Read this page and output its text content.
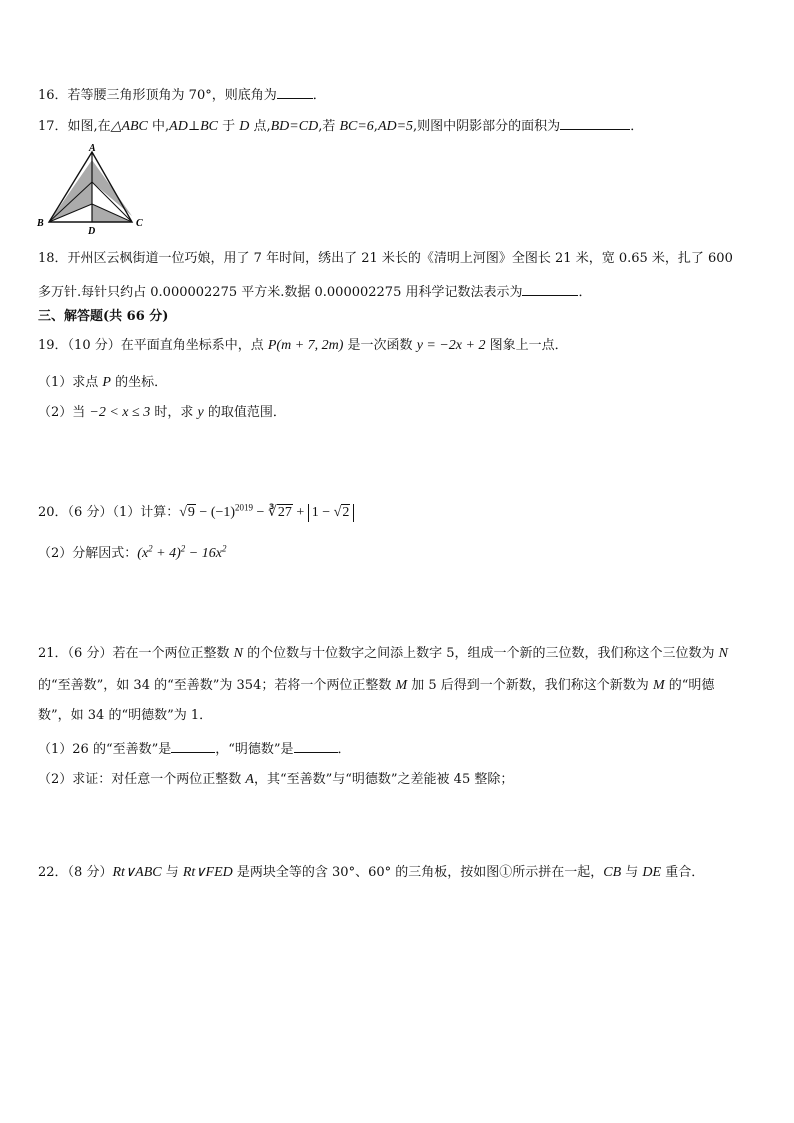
16．若等腰三角形顶角为 70°，则底角为	．
17．如图,在△ABC 中,AD⊥BC 于 D 点,BD=CD,若 BC=6,AD=5,则图中阴影部分的面积为	．
A
B	C
D
18．开州区云枫街道一位巧娘，用了 7 年时间，绣出了 21 米长的《清明上河图》全图长 21 米，宽 0.65 米，扎了 600
多万针.每针只约占 0.000002275 平方米.数据 0.000002275 用科学记数法表示为	．
三、解答题(共 66 分)
19．（10 分）在平面直角坐标系中，点 P(m + 7, 2m) 是一次函数 y = −2x + 2 图象上一点．
（1）求点 P 的坐标．
（2）当 −2 < x ≤ 3 时，求 y 的取值范围．
20．（6 分）（1）计算：$√9 - (-1)^{2019}$ − ∛27 + 1 − √2
（2）分解因式：$(x^2 + 4)^2 - 16x^2$
21．（6 分）若在一个两位正整数 N 的个位数与十位数字之间添上数字 5，组成一个新的三位数，我们称这个三位数为 N
的“至善数”，如 34 的“至善数”为 354；若将一个两位正整数 M 加 5 后得到一个新数，我们称这个新数为 M 的“明德
数”，如 34 的“明德数”为 1．
（1）26 的“至善数”是	，“明德数”是	．
（2）求证：对任意一个两位正整数 A，其“至善数”与“明德数”之差能被 45 整除；
22．（8 分）Rt∨ABC 与 Rt∨FED 是两块全等的含 30°、60° 的三角板，按如图①所示拼在一起，CB 与 DE 重合．
